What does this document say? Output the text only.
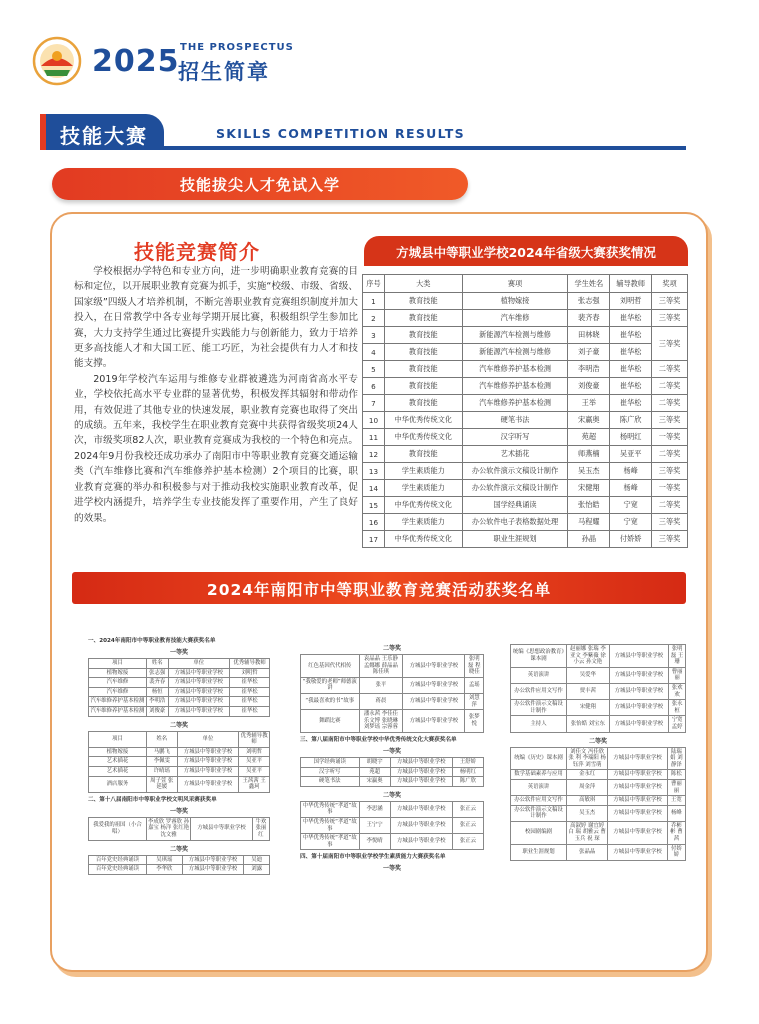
2025 THE PROSPECTUS
招生简章
技能大赛	SKILLS COMPETITION RESULTS
技能拔尖人才免试入学
技能竞赛简介

学校根据办学特色和专业方向，进一步明确职业教育竞赛的目标和定位，以开展职业教育竞赛为抓手，实施“校级、市级、省级、国家级”四级人才培养机制，不断完善职业教育竞赛组织制度并加大投入，在日常教学中各专业每学期开展比赛，积极组织学生参加比赛，大力支持学生通过比赛提升实践能力与创新能力，致力于培养更多高技能人才和大国工匠、能工巧匠，为社会提供有力人才和技能支撑。

2019年学校汽车运用与维修专业群被遴选为河南省高水平专业，学校依托高水平专业群的显著优势，积极发挥其辐射和带动作用，有效促进了其他专业的快速发展，职业教育竞赛也取得了突出的成绩。五年来，我校学生在职业教育竞赛中共获得省级奖项24人次，市级奖项82人次，职业教育竞赛成为我校的一个特色和亮点。2024年9月份我校还成功承办了南阳市中等职业教育竞赛交通运输类（汽车维修比赛和汽车维修养护基本检测）2个项目的比赛，职业教育竞赛的举办和积极参与对于推动我校实施职业教育改革，促进学校内涵提升，培养学生专业技能发挥了重要作用，产生了良好的效果。

方城县中等职业学校2024年省级大赛获奖情况
序号	大类	赛项	学生姓名	辅导教师	奖项
1	教育技能	植物嫁接	张志强	刘明哲	三等奖
2	教育技能	汽车维修	裴齐春	崔华松	三等奖
3	教育技能	新能源汽车检测与维修	田林晓	崔华松	三等奖
4	教育技能	新能源汽车检测与维修	刘子豪	崔华松	
5	教育技能	汽车维修养护基本检测	李明浩	崔华松	二等奖
6	教育技能	汽车维修养护基本检测	刘俊豪	崔华松	二等奖
7	教育技能	汽车维修养护基本检测	王举	崔华松	二等奖
10	中华优秀传统文化	硬笔书法	宋赢奥	陈广欣	三等奖
11	中华优秀传统文化	汉字听写	苑超	杨明红	一等奖
12	教育技能	艺术插花	师燕楠	吴亚平	二等奖
13	学生素质能力	办公软件演示文稿设计制作	吴玉杰	杨峰	三等奖
14	学生素质能力	办公软件演示文稿设计制作	宋健翔	杨峰	一等奖
15	中华优秀传统文化	国学经典诵读	张怡皓	宁宽	二等奖
16	学生素质能力	办公软件电子表格数据处理	马程耀	宁宽	三等奖
17	中华优秀传统文化	职业生涯规划	孙晶	付娇娇	三等奖
2024年南阳市中等职业教育竞赛活动获奖名单
一、2024年南阳市中等职业教育技能大赛获奖名单
一等奖
项目	姓名	单位	优秀辅导教师
植物嫁接	张志强	方城县中等职业学校	刘明哲
汽车维修	裴齐春	方城县中等职业学校	崔华松
汽车维修	杨恒	方城县中等职业学校	崔华松
汽车维修养护基本检测	李明浩	方城县中等职业学校	崔华松
汽车维修养护基本检测	刘俊豪	方城县中等职业学校	崔华松
二等奖
项目	姓名	单位	优秀辅导教师
植物嫁接	马鹏飞	方城县中等职业学校	刘明哲
艺术插花	李佩雯	方城县中等职业学校	吴亚平
艺术插花	许晴瑶	方城县中等职业学校	吴亚平
酒店服务	周子萱 张延媛	方城县中等职业学校	王茜茜 王鑫珂
二、第十八届南阳市中等职业学校文明风采赛获奖单
一等奖
我爱我的祖国（小合唱）	李成欣 罗睿欣 孙嘉宝 杨洋 张红艳 沈文雅	方城县中等职业学校	牛欢 张丽红
二等奖
百年党史经典诵读	吴琪瑶	方城县中等职业学校	吴迪
百年党史经典诵读	李华欣	方城县中等职业学校	刘露
二等奖
红色基因代代相传	袁晶晶 王乐静 孟娜娜 薛晶晶 陈佳琪	方城县中等职业学校	张明磊 程晓佳
“我敬爱的老师”师德演讲	张平	方城县中等职业学校	孟瑶
“我最喜欢的书”故事	蒋晨	方城县中等职业学校	刘慧萍
舞蹈比赛	潘永茜 李佳佳 乐文博 张晓琳 刘梦瑶 宗蓉蓉	方城县中等职业学校	张梦悦
三、第八届南阳市中等职业学校中华优秀传统文化大赛获奖名单
一等奖
国学经典诵读	胡晓宇	方城县中等职业学校	王舒娇
汉字听写	苑超	方城县中等职业学校	杨明红
硬笔书法	宋赢奥	方城县中等职业学校	陈广欣
二等奖
中华优秀传统“孝道”故事	李思涵	方城县中等职业学校	张正云
中华优秀传统“孝道”故事	王宁宁	方城县中等职业学校	张正云
中华优秀传统“孝道”故事	李悦晴	方城县中等职业学校	张正云
四、第十届南阳市中等职业学校学生素质能力大赛获奖名单
一等奖
统编《思想政治教育》课本剧	赵丽娜 张瑞 李亚文 李紫薇 徐小云 孙文艳	方城县中等职业学校	张明磊 王珊
英语演讲	吴爱华	方城县中等职业学校	曹丽丽
办公软件应用文写作	贾丰茜	方城县中等职业学校	张欢欢
办公软件演示文稿设计制作	宋健翔	方城县中等职业学校	张永桓
主持人	张怡皓 刘宝东	方城县中等职业学校	宁宽 孟婷
二等奖
统编《历史》课本剧	刘佳文 冯佳欣 张 利 李瑞阳 杨钰萍 刘雪萌	方城县中等职业学校	陆瑞娟 刘静泽
数学基础素养与应用	金永红	方城县中等职业学校	陈松
英语演讲	周金萍	方城县中等职业学校	曹丽丽
办公软件应用文写作	高敏琪	方城县中等职业学校	王宽
办公软件演示文稿设计制作	吴玉杰	方城县中等职业学校	杨峰
校园剧编剧	高淑婷 谢宜婷 白 瑞 胡雅云 曹玉兵 祝 琛	方城县中等职业学校	乔彬彬 曹 茜
职业生涯规划	张晶晶	方城县中等职业学校	付娇娇
